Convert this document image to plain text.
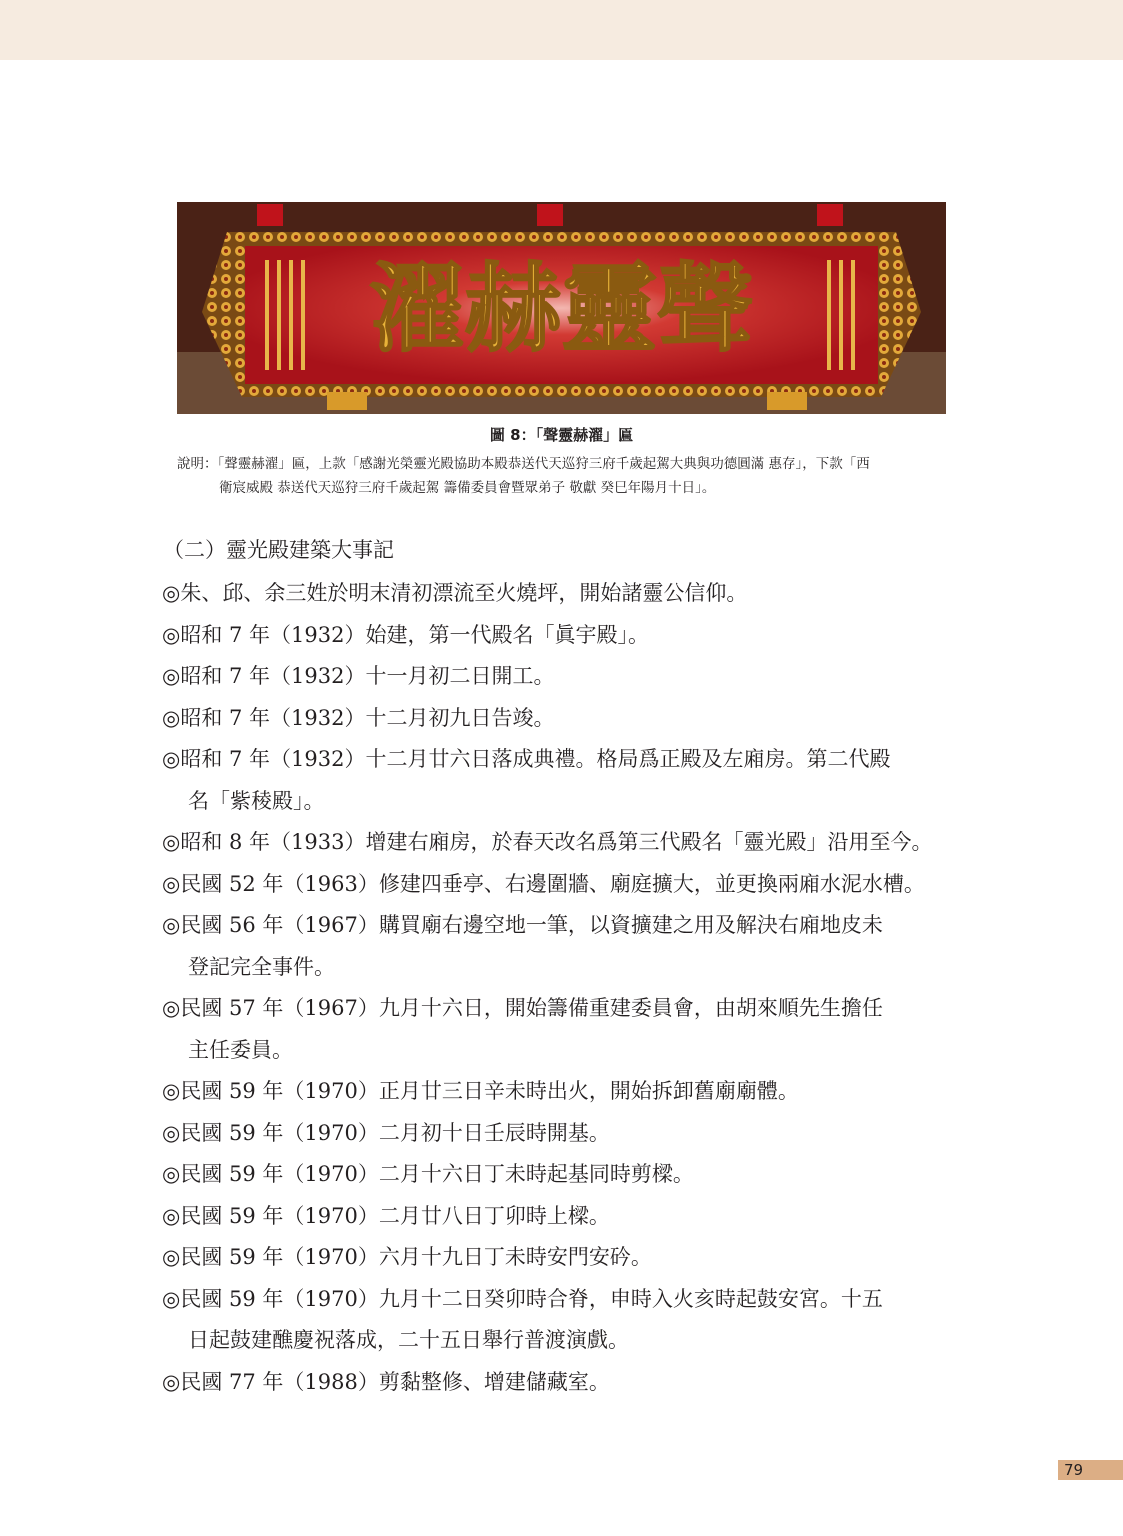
聲靈赫濯
圖 8：「聲靈赫濯」匾
說明：「聲靈赫濯」匾，上款「感謝光榮靈光殿協助本殿恭送代天巡狩三府千歲起駕大典與功德圓滿 惠存」，下款「西
衛宸威殿 恭送代天巡狩三府千歲起駕 籌備委員會暨眾弟子 敬獻 癸巳年陽月十日」。
（二）靈光殿建築大事記
◎朱、邱、余三姓於明末清初漂流至火燒坪，開始諸靈公信仰。
◎昭和 7 年（1932）始建，第一代殿名「眞宇殿」。
◎昭和 7 年（1932）十一月初二日開工。
◎昭和 7 年（1932）十二月初九日告竣。
◎昭和 7 年（1932）十二月廿六日落成典禮。格局爲正殿及左廂房。第二代殿
名「紫稜殿」。
◎昭和 8 年（1933）增建右廂房，於春天改名爲第三代殿名「靈光殿」沿用至今。
◎民國 52 年（1963）修建四垂亭、右邊圍牆、廟庭擴大，並更換兩廂水泥水槽。
◎民國 56 年（1967）購買廟右邊空地一筆，以資擴建之用及解決右廂地皮未
登記完全事件。
◎民國 57 年（1967）九月十六日，開始籌備重建委員會，由胡來順先生擔任
主任委員。
◎民國 59 年（1970）正月廿三日辛未時出火，開始拆卸舊廟廟體。
◎民國 59 年（1970）二月初十日壬辰時開基。
◎民國 59 年（1970）二月十六日丁未時起基同時剪樑。
◎民國 59 年（1970）二月廿八日丁卯時上樑。
◎民國 59 年（1970）六月十九日丁未時安門安砛。
◎民國 59 年（1970）九月十二日癸卯時合脊，申時入火亥時起鼓安宮。十五
日起鼓建醮慶祝落成，二十五日舉行普渡演戲。
◎民國 77 年（1988）剪黏整修、增建儲藏室。
79
